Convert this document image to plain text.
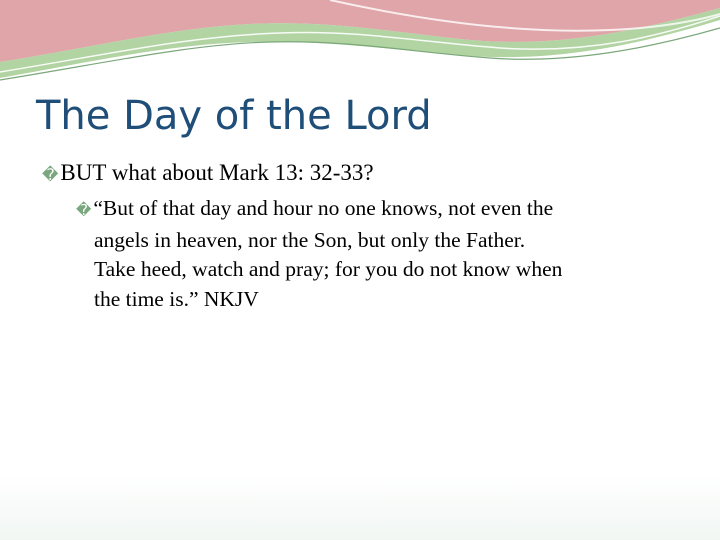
The Day of the Lord
�BUT what about Mark 13: 32-33?
�“But of that day and hour no one knows, not even the
angels in heaven, nor the Son, but only the Father.
Take heed, watch and pray; for you do not know when
the time is.” NKJV
